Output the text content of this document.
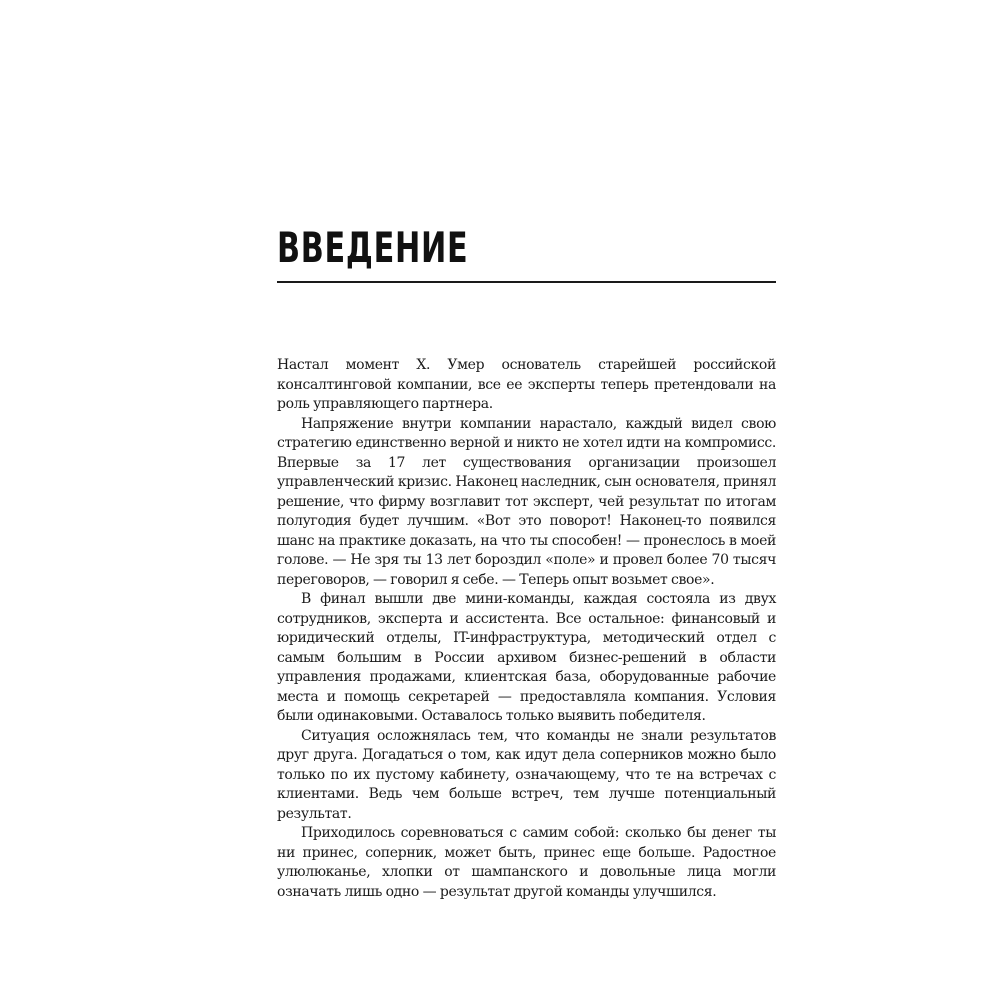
ВВЕДЕНИЕ

Настал момент Х. Умер основатель старейшей российской консалтинговой компании, все ее эксперты теперь претендовали на роль управляющего партнера.

Напряжение внутри компании нарастало, каждый видел свою стратегию единственно верной и никто не хотел идти на компромисс. Впервые за 17 лет существования организации произошел управленческий кризис. Наконец наследник, сын основателя, принял решение, что фирму возглавит тот эксперт, чей результат по итогам полугодия будет лучшим. «Вот это поворот! Наконец-то появился шанс на практике доказать, на что ты способен! — пронеслось в моей голове. — Не зря ты 13 лет бороздил «поле» и провел более 70 тысяч переговоров, — говорил я себе. — Теперь опыт возьмет свое».

В финал вышли две мини-команды, каждая состояла из двух сотрудников, эксперта и ассистента. Все остальное: финансовый и юридический отделы, IT-инфраструктура, методический отдел с самым большим в России архивом бизнес-решений в области управления продажами, клиентская база, оборудованные рабочие места и помощь секретарей — предоставляла компания. Условия были одинаковыми. Оставалось только выявить победителя.

Ситуация осложнялась тем, что команды не знали результатов друг друга. Догадаться о том, как идут дела соперников можно было только по их пустому кабинету, означающему, что те на встречах с клиентами. Ведь чем больше встреч, тем лучше потенциальный результат.

Приходилось соревноваться с самим собой: сколько бы денег ты ни принес, соперник, может быть, принес еще больше. Радостное улюлюканье, хлопки от шампанского и довольные лица могли означать лишь одно — результат другой команды улучшился.
